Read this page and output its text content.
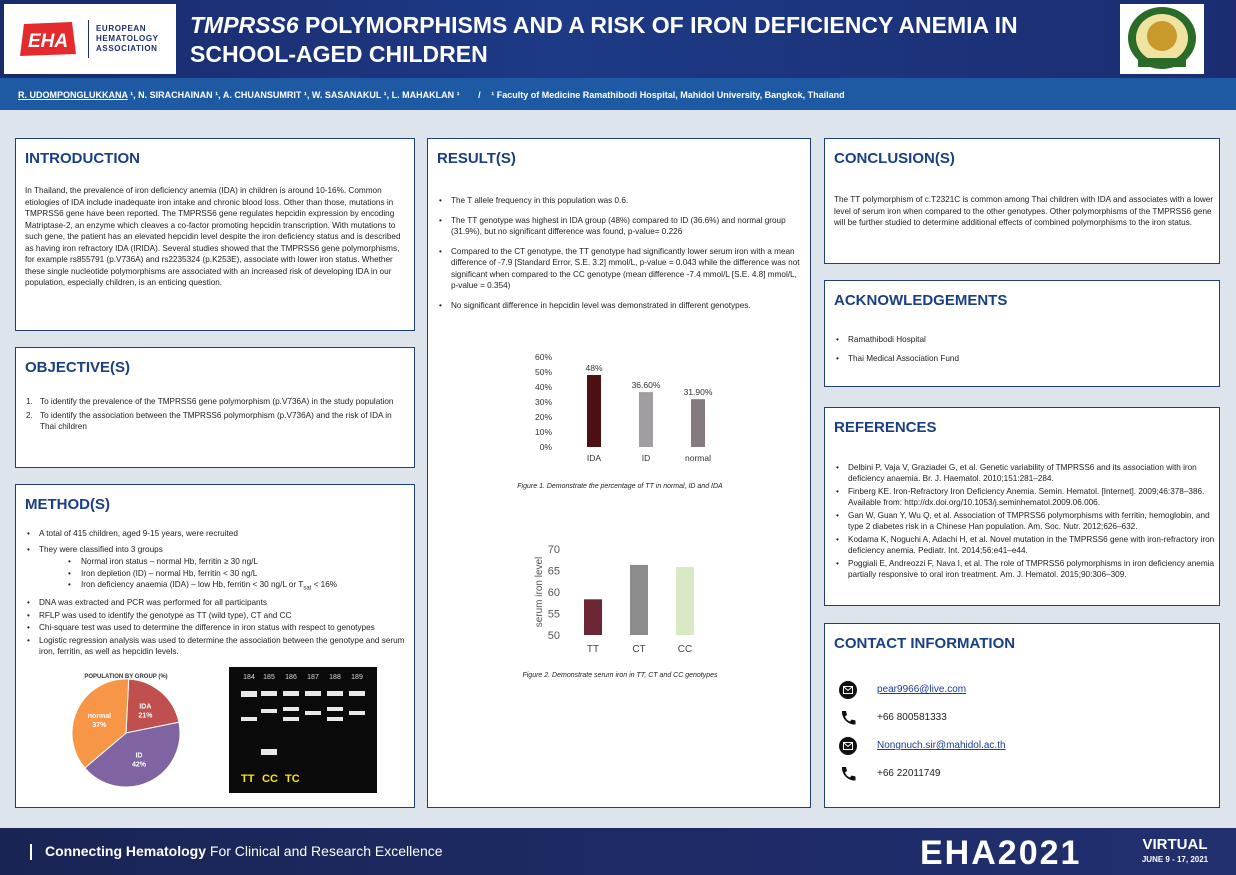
EHA
EUROPEAN
HEMATOLOGY
ASSOCIATION
TMPRSS6 POLYMORPHISMS AND A RISK OF IRON DEFICIENCY ANEMIA IN SCHOOL-AGED CHILDREN
R. UDOMPONGLUKKANA ¹, N. SIRACHAINAN ¹, A. CHUANSUMRIT ¹, W. SASANAKUL ¹, L. MAHAKLAN ¹ / ¹ Faculty of Medicine Ramathibodi Hospital, Mahidol University, Bangkok, Thailand
INTRODUCTION
In Thailand, the prevalence of iron deficiency anemia (IDA) in children is around 10-16%. Common etiologies of IDA include inadequate iron intake and chronic blood loss. Other than those, mutations in TMPRSS6 gene have been reported. The TMPRSS6 gene regulates hepcidin expression by encoding Matriptase-2, an enzyme which cleaves a co-factor promoting hepcidin transcription. With mutations to such gene, the patient has an elevated hepcidin level despite the iron deficiency status and is described as having iron refractory IDA (IRIDA). Several studies showed that the TMPRSS6 gene polymorphisms, for example rs855791 (p.V736A) and rs2235324 (p.K253E), associate with lower iron status. Whether these single nucleotide polymorphisms are associated with an increased risk of developing IDA in our population, especially children, is an enticing question.
OBJECTIVE(S)
1. To identify the prevalence of the TMPRSS6 gene polymorphism (p.V736A) in the study population
2. To identify the association between the TMPRSS6 polymorphism (p.V736A) and the risk of IDA in Thai children
METHOD(S)
• A total of 415 children, aged 9-15 years, were recruited
• They were classified into 3 groups
• Normal iron status – normal Hb, ferritin ≥ 30 ng/L
• Iron depletion (ID) – normal Hb, ferritin < 30 ng/L
• Iron deficiency anaemia (IDA) – low Hb, ferritin < 30 ng/L or $T_{sat} < 16\%$
• DNA was extracted and PCR was performed for all participants
• RFLP was used to identify the genotype as TT (wild type), CT and CC
• Chi-square test was used to determine the difference in iron status with respect to genotypes
• Logistic regression analysis was used to determine the association between the genotype and serum iron, ferritin, as well as hepcidin levels.
POPULATION BY GROUP (%)
IDA
21%
ID
42%
normal
37%
184 185 186 187 188 189
TT CC TC
RESULT(S)
• The T allele frequency in this population was 0.6.
• The TT genotype was highest in IDA group (48%) compared to ID (36.6%) and normal group (31.9%), but no significant difference was found, p-value= 0.226
• Compared to the CT genotype, the TT genotype had significantly lower serum iron with a mean difference of -7.9 [Standard Error, S.E. 3.2] mmol/L, p-value = 0.043 while the difference was not significant when compared to the CC genotype (mean difference -7.4 mmol/L [S.E. 4.8] mmol/L, p-value = 0.354)
• No significant difference in hepcidin level was demonstrated in different genotypes.
0%
10%
20%
30%
40%
50%
60%
48%
IDA
36.60%
ID
31.90%
normal
Figure 1. Demonstrate the percentage of TT in normal, ID and IDA
50
55
60
65
70
serum iron level
TT	CT	CC
Figure 2. Demonstrate serum iron in TT, CT and CC genotypes
CONCLUSION(S)
The TT polymorphism of c.T2321C is common among Thai children with IDA and associates with a lower level of serum iron when compared to the other genotypes. Other polymorphisms of the TMPRSS6 gene will be further studied to determine additional effects of combined polymorphisms to the iron status.
ACKNOWLEDGEMENTS
• Ramathibodi Hospital
• Thai Medical Association Fund
REFERENCES
• Delbini P, Vaja V, Graziadei G, et al. Genetic variability of TMPRSS6 and its association with iron deficiency anaemia. Br. J. Haematol. 2010;151:281–284.
• Finberg KE. Iron-Refractory Iron Deficiency Anemia. Semin. Hematol. [Internet]. 2009;46:378–386. Available from: http://dx.doi.org/10.1053/j.seminhematol.2009.06.006.
• Gan W, Guan Y, Wu Q, et al. Association of TMPRSS6 polymorphisms with ferritin, hemoglobin, and type 2 diabetes risk in a Chinese Han population. Am. Soc. Nutr. 2012;626–632.
• Kodama K, Noguchi A, Adachi H, et al. Novel mutation in the TMPRSS6 gene with iron-refractory iron deficiency anemia. Pediatr. Int. 2014;56:e41–e44.
• Poggiali E, Andreozzi F, Nava I, et al. The role of TMPRSS6 polymorphisms in iron deficiency anemia partially responsive to oral iron treatment. Am. J. Hematol. 2015;90:306–309.
CONTACT INFORMATION
pear9966@live.com
+66 800581333
Nongnuch.sir@mahidol.ac.th
+66 22011749
Connecting Hematology For Clinical and Research Excellence	EHA2021	VIRTUAL
JUNE 9 - 17, 2021
